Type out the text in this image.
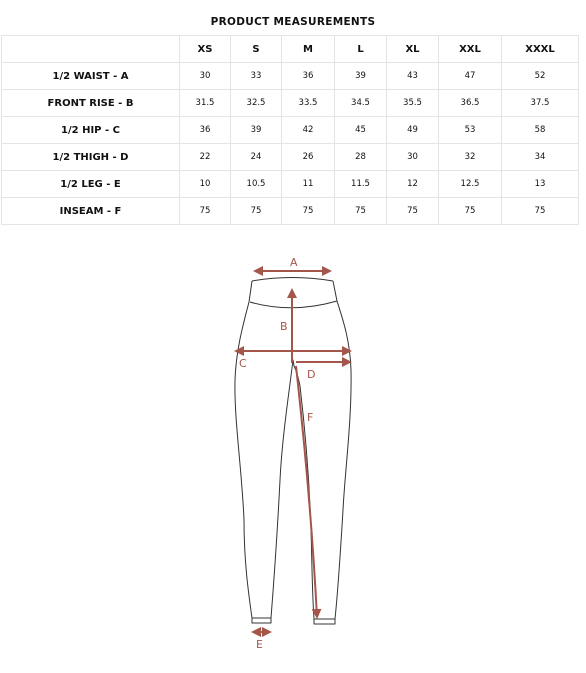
PRODUCT MEASUREMENTS
	XS	S	M	L	XL	XXL	XXXL
1/2 WAIST - A	30	33	36	39	43	47	52
FRONT RISE - B	31.5	32.5	33.5	34.5	35.5	36.5	37.5
1/2 HIP - C	36	39	42	45	49	53	58
1/2 THIGH - D	22	24	26	28	30	32	34
1/2 LEG - E	10	10.5	11	11.5	12	12.5	13
INSEAM - F	75	75	75	75	75	75	75
A
B
C
D
F
E
